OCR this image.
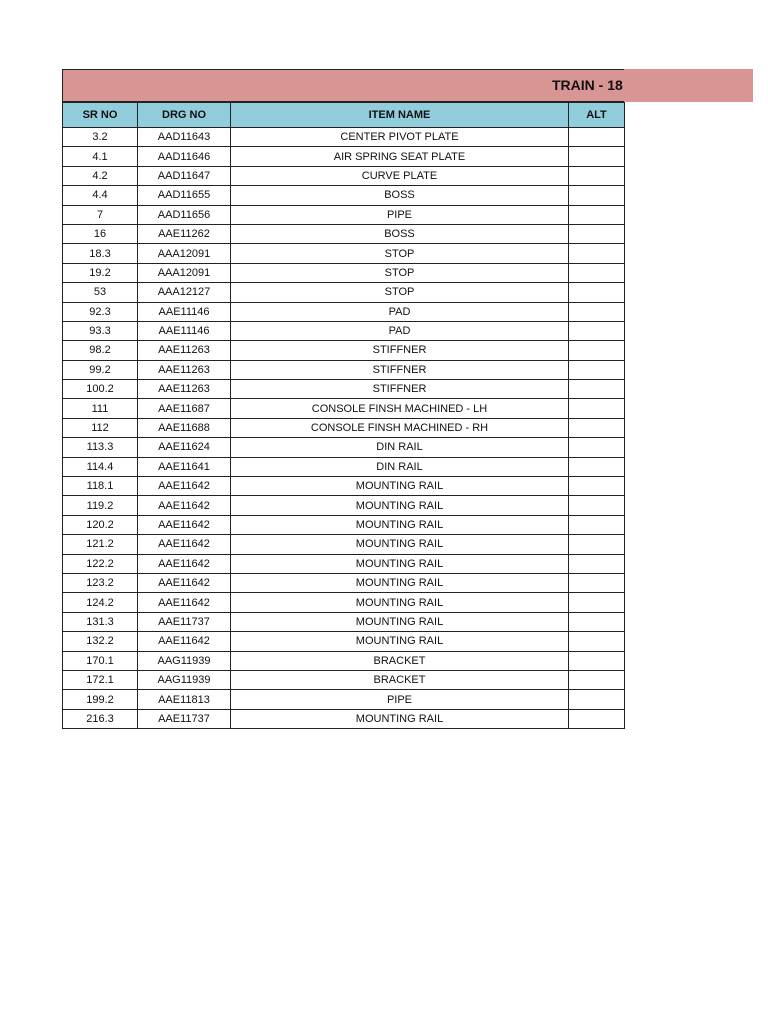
TRAIN - 18
SR NO	DRG NO	ITEM NAME	ALT
3.2	AAD11643	CENTER PIVOT PLATE	
4.1	AAD11646	AIR SPRING SEAT PLATE	
4.2	AAD11647	CURVE PLATE	
4.4	AAD11655	BOSS	
7	AAD11656	PIPE	
16	AAE11262	BOSS	
18.3	AAA12091	STOP	
19.2	AAA12091	STOP	
53	AAA12127	STOP	
92.3	AAE11146	PAD	
93.3	AAE11146	PAD	
98.2	AAE11263	STIFFNER	
99.2	AAE11263	STIFFNER	
100.2	AAE11263	STIFFNER	
111	AAE11687	CONSOLE FINSH MACHINED - LH	
112	AAE11688	CONSOLE FINSH MACHINED - RH	
113.3	AAE11624	DIN RAIL	
114.4	AAE11641	DIN RAIL	
118.1	AAE11642	MOUNTING RAIL	
119.2	AAE11642	MOUNTING RAIL	
120.2	AAE11642	MOUNTING RAIL	
121.2	AAE11642	MOUNTING RAIL	
122.2	AAE11642	MOUNTING RAIL	
123.2	AAE11642	MOUNTING RAIL	
124.2	AAE11642	MOUNTING RAIL	
131.3	AAE11737	MOUNTING RAIL	
132.2	AAE11642	MOUNTING RAIL	
170.1	AAG11939	BRACKET	
172.1	AAG11939	BRACKET	
199.2	AAE11813	PIPE	
216.3	AAE11737	MOUNTING RAIL	
